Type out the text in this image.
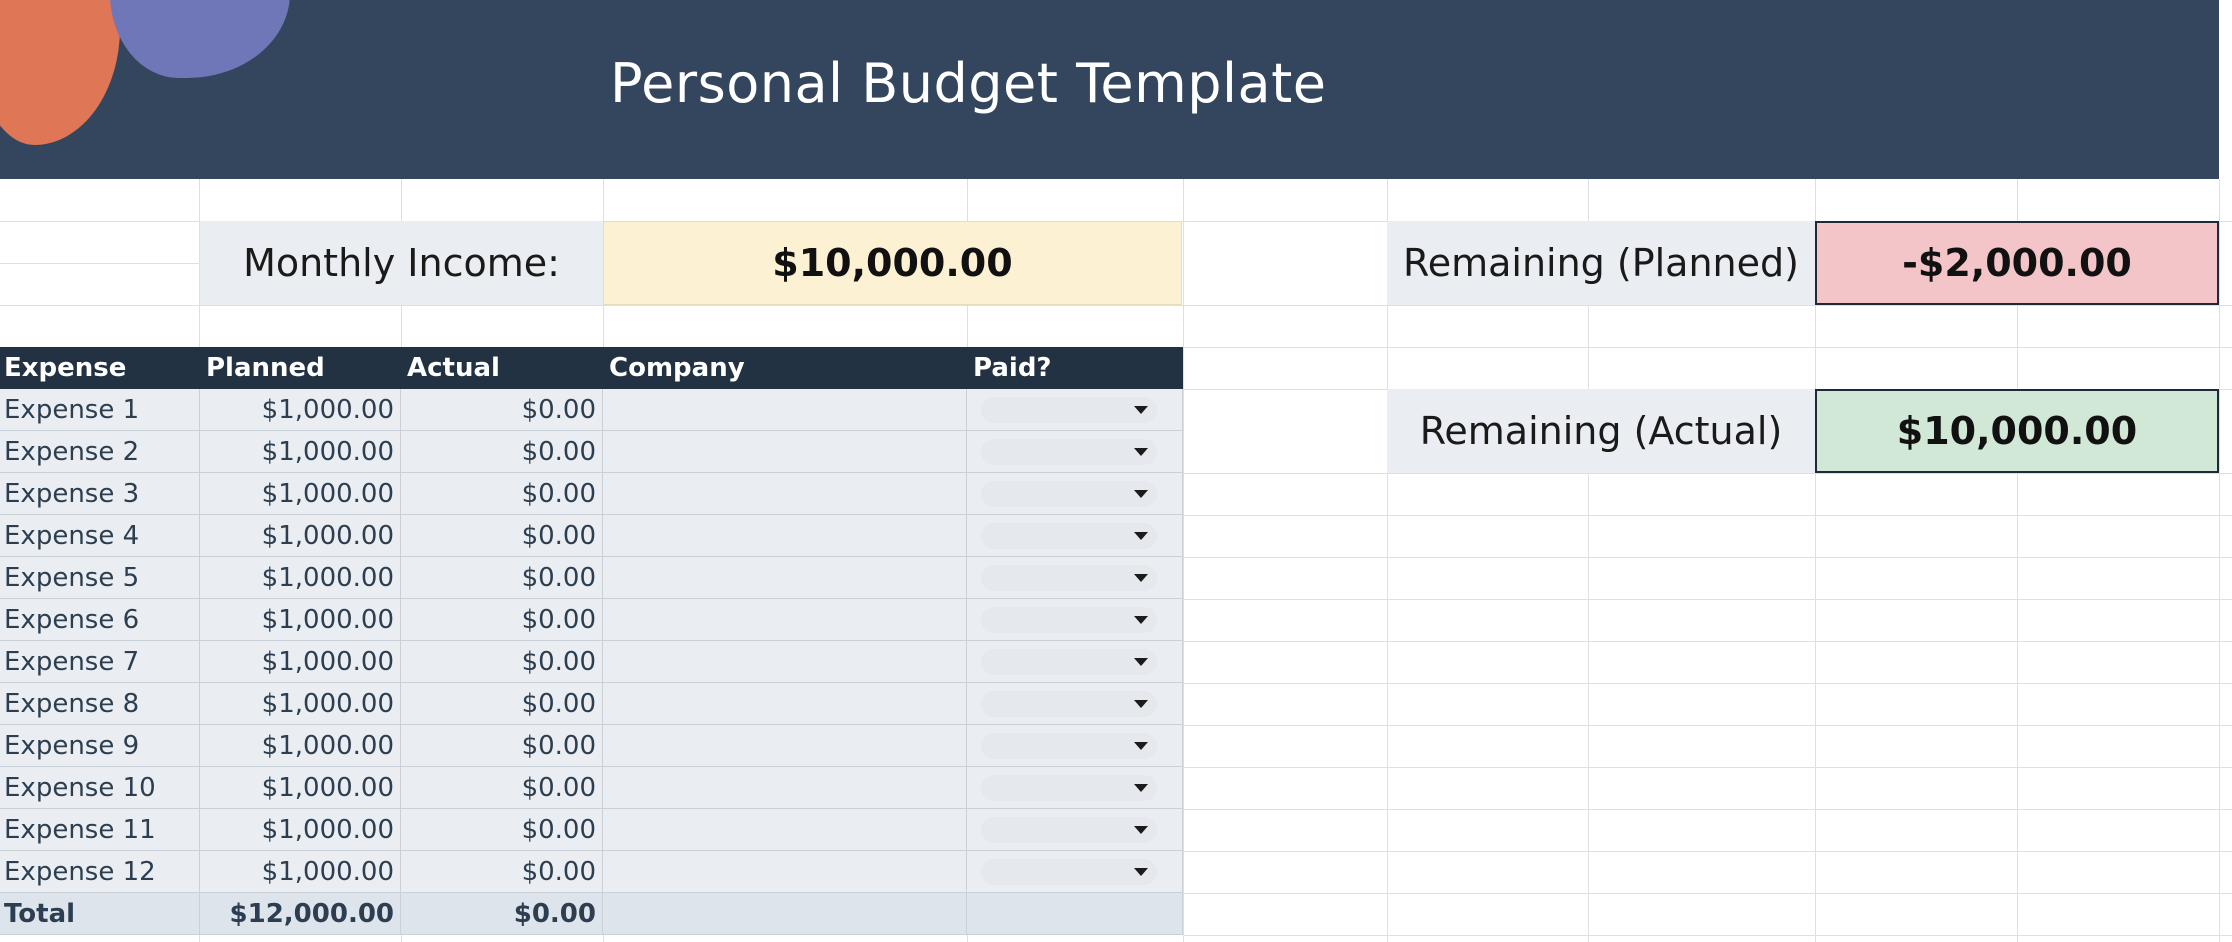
Personal Budget Template
Monthly Income:	$10,000.00	Remaining (Planned)	-$2,000.00
Remaining (Actual)	$10,000.00
Expense	Planned	Actual	Company	Paid?
Expense 1	$1,000.00	$0.00
Expense 2	$1,000.00	$0.00
Expense 3	$1,000.00	$0.00
Expense 4	$1,000.00	$0.00
Expense 5	$1,000.00	$0.00
Expense 6	$1,000.00	$0.00
Expense 7	$1,000.00	$0.00
Expense 8	$1,000.00	$0.00
Expense 9	$1,000.00	$0.00
Expense 10	$1,000.00	$0.00
Expense 11	$1,000.00	$0.00
Expense 12	$1,000.00	$0.00
Total	$12,000.00	$0.00
